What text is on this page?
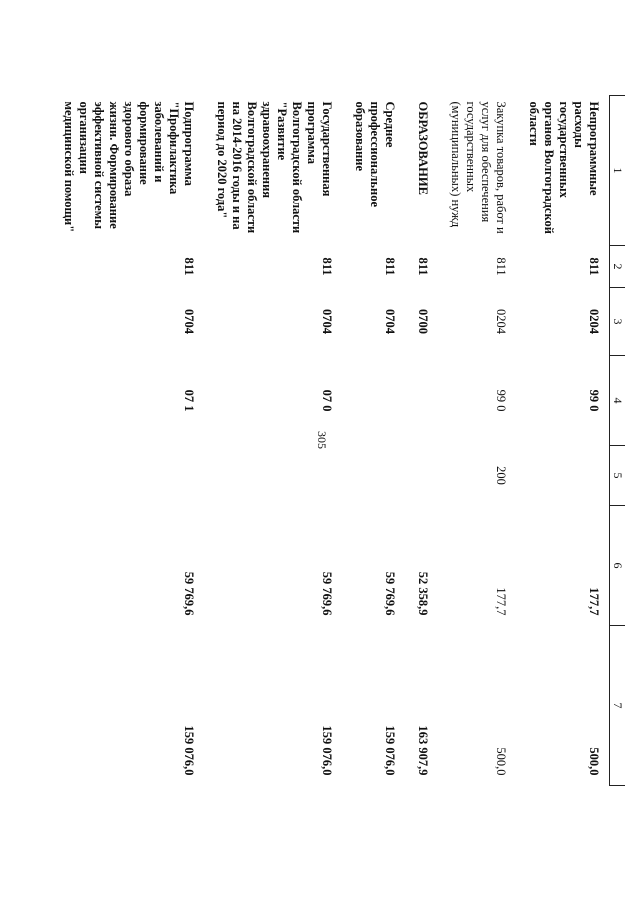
305
1	2	3	4	5	6	7
Непрограммные расходы государственных органов Волгоградской области	811	0204	99 0		177,7	500,0
Закупка товаров, работ и услуг для обеспечения государственных (муниципальных) нужд	811	0204	99 0	200	177,7	500,0
ОБРАЗОВАНИЕ	811	0700			52 358,9	163 907,9
Среднее профессиональное образование	811	0704			59 769,6	159 076,0
Государственная программа Волгоградской области "Развитие здравоохранения Волгоградской области на 2014-2016 годы и на период до 2020 года"	811	0704	07 0		59 769,6	159 076,0
Подпрограмма "Профилактика заболеваний и формирование здорового образа жизни. Формирование эффективной системы организации медицинской помощи"	811	0704	07 1		59 769,6	159 076,0
